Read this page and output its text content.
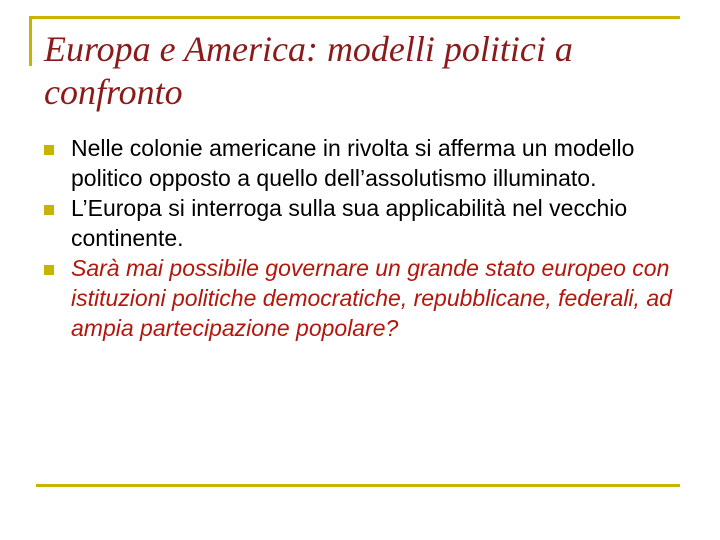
Europa e America: modelli politici a confronto
Nelle colonie americane in rivolta si afferma un modello politico opposto a quello dell’assolutismo illuminato.
L’Europa si interroga sulla sua applicabilità nel vecchio continente.
Sarà mai possibile governare un grande stato europeo con istituzioni politiche democratiche, repubblicane, federali, ad ampia partecipazione popolare?
